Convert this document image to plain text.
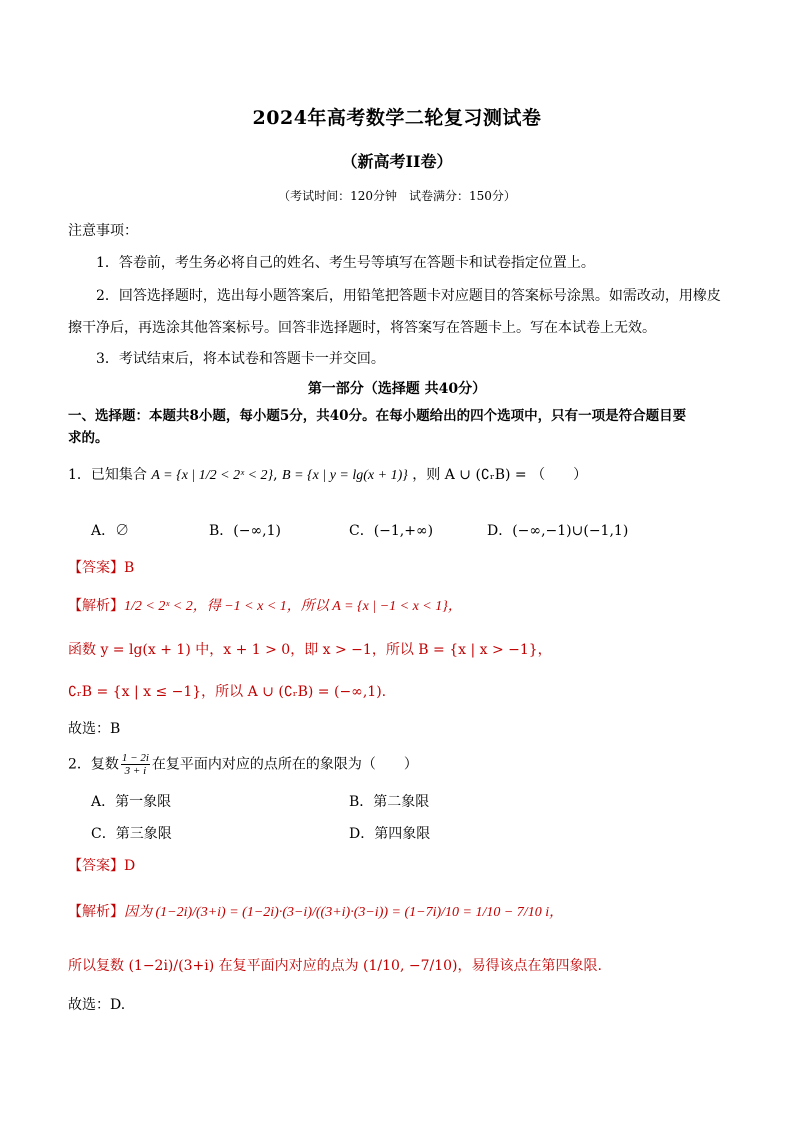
2024年高考数学二轮复习测试卷
（新高考II卷）
（考试时间：120分钟　试卷满分：150分）
注意事项：
1．答卷前，考生务必将自己的姓名、考生号等填写在答题卡和试卷指定位置上。
2．回答选择题时，选出每小题答案后，用铅笔把答题卡对应题目的答案标号涂黑。如需改动，用橡皮
擦干净后，再选涂其他答案标号。回答非选择题时，将答案写在答题卡上。写在本试卷上无效。
3．考试结束后，将本试卷和答题卡一并交回。
第一部分（选择题 共40分）
一、选择题：本题共8小题，每小题5分，共40分。在每小题给出的四个选项中，只有一项是符合题目要
求的。
1．已知集合 A = {x | 1/2 < 2ˣ < 2}, B = {x | y = lg(x + 1)} ，则 A ∪ (∁ᵣB) = （　　）
A．∅	B．(−∞,1)	C．(−1,+∞)	D．(−∞,−1)∪(−1,1)
【答案】B
【解析】1/2 < 2ˣ < 2，得 −1 < x < 1，所以 A = {x | −1 < x < 1}，
函数 y = lg(x + 1) 中，x + 1 > 0，即 x > −1，所以 B = {x | x > −1}，
∁ᵣB = {x | x ≤ −1}，所以 A ∪ (∁ᵣB) = (−∞,1).
故选：B
2．复数 $\frac{1 - 2i}{3 + i}$ 在复平面内对应的点所在的象限为（　　）
A．第一象限	B．第二象限
C．第三象限	D．第四象限
【答案】D
【解析】因为 (1−2i)/(3+i) = (1−2i)·(3−i)/((3+i)·(3−i)) = (1−7i)/10 = 1/10 − 7/10 i，
所以复数 (1−2i)/(3+i) 在复平面内对应的点为 (1/10, −7/10)，易得该点在第四象限.
故选：D.
